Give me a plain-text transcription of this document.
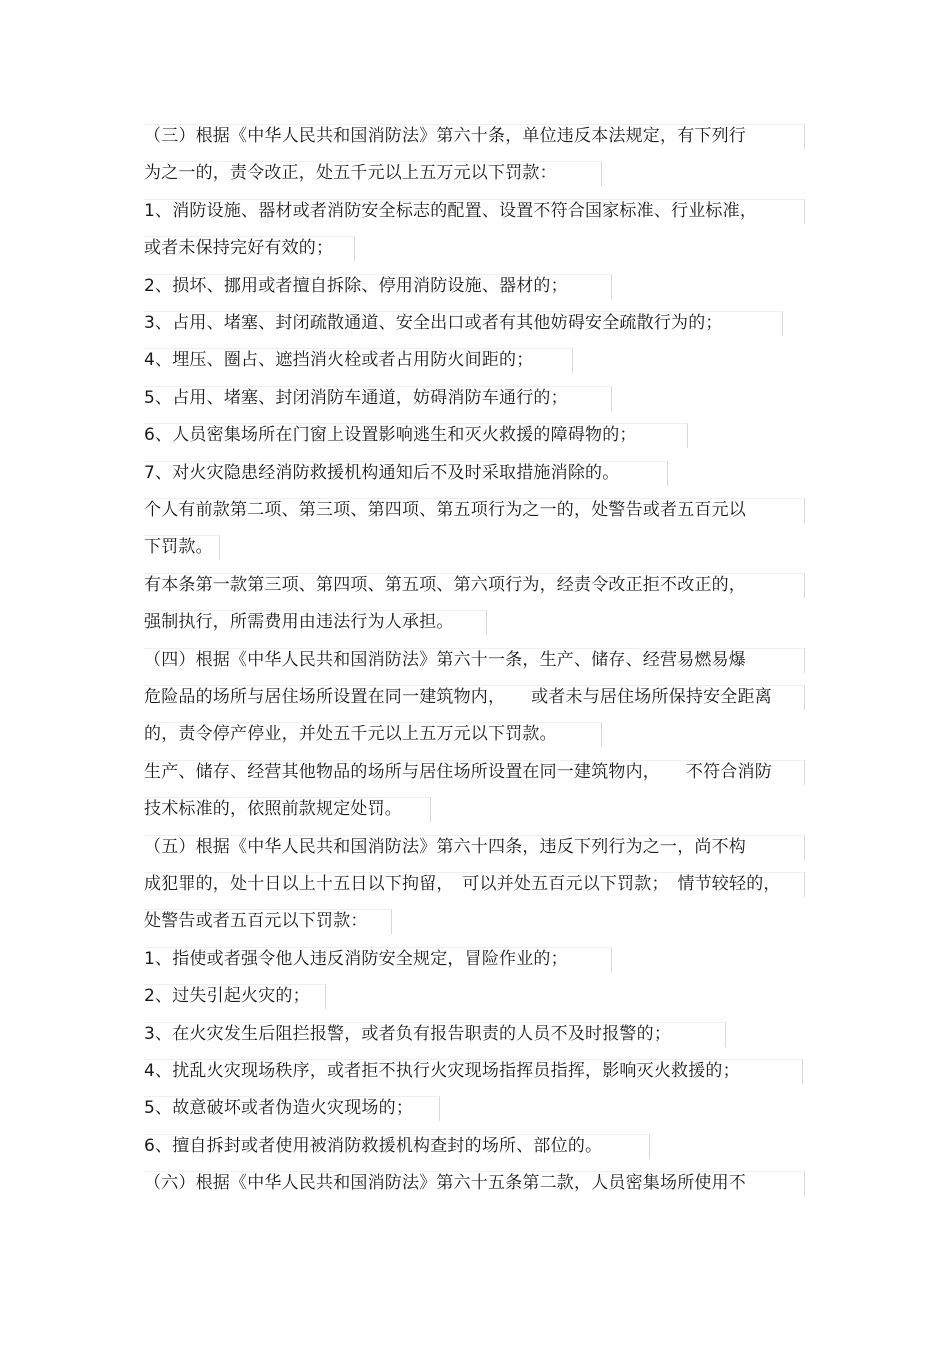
（三）根据《中华人民共和国消防法》第六十条，单位违反本法规定，有下列行
为之一的，责令改正，处五千元以上五万元以下罚款：
1、消防设施、器材或者消防安全标志的配置、设置不符合国家标准、行业标准，
或者未保持完好有效的；
2、损坏、挪用或者擅自拆除、停用消防设施、器材的；
3、占用、堵塞、封闭疏散通道、安全出口或者有其他妨碍安全疏散行为的；
4、埋压、圈占、遮挡消火栓或者占用防火间距的；
5、占用、堵塞、封闭消防车通道，妨碍消防车通行的；
6、人员密集场所在门窗上设置影响逃生和灭火救援的障碍物的；
7、对火灾隐患经消防救援机构通知后不及时采取措施消除的。
个人有前款第二项、第三项、第四项、第五项行为之一的，处警告或者五百元以
下罚款。
有本条第一款第三项、第四项、第五项、第六项行为，经责令改正拒不改正的，
强制执行，所需费用由违法行为人承担。
（四）根据《中华人民共和国消防法》第六十一条，生产、储存、经营易燃易爆
危险品的场所与居住场所设置在同一建筑物内，　　或者未与居住场所保持安全距离
的，责令停产停业，并处五千元以上五万元以下罚款。
生产、储存、经营其他物品的场所与居住场所设置在同一建筑物内，　　不符合消防
技术标准的，依照前款规定处罚。
（五）根据《中华人民共和国消防法》第六十四条，违反下列行为之一，尚不构
成犯罪的，处十日以上十五日以下拘留，　可以并处五百元以下罚款；　情节较轻的，
处警告或者五百元以下罚款：
1、指使或者强令他人违反消防安全规定，冒险作业的；
2、过失引起火灾的；
3、在火灾发生后阻拦报警，或者负有报告职责的人员不及时报警的；
4、扰乱火灾现场秩序，或者拒不执行火灾现场指挥员指挥，影响灭火救援的；
5、故意破坏或者伪造火灾现场的；
6、擅自拆封或者使用被消防救援机构查封的场所、部位的。
（六）根据《中华人民共和国消防法》第六十五条第二款，人员密集场所使用不
